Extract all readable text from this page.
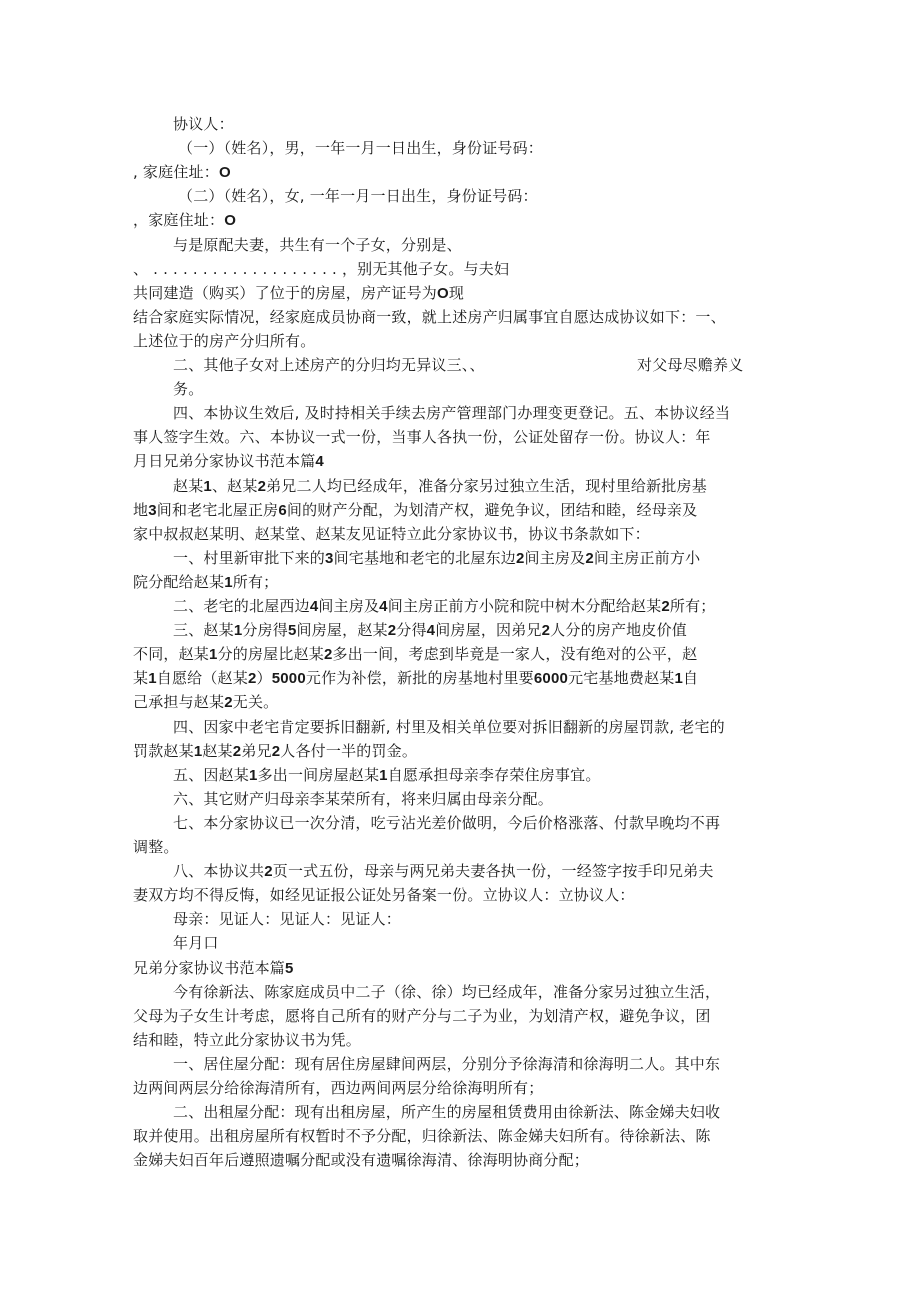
协议人：
（一）（姓名），男，一年一月一日出生，身份证号码：
, 家庭住址：O
（二）（姓名），女, 一年一月一日出生，身份证号码：
，家庭住址：O
与是原配夫妻，共生有一个子女，分别是、
、 . . . . . . . . . . . . . . . . . . . ，别无其他子女。与夫妇
共同建造（购买）了位于的房屋，房产证号为O现
结合家庭实际情况，经家庭成员协商一致，就上述房产归属事宜自愿达成协议如下：一、
上述位于的房产分归所有。
二、其他子女对上述房产的分归均无异议三、、	对父母尽赡养义
务。
四、本协议生效后, 及时持相关手续去房产管理部门办理变更登记。五、本协议经当
事人签字生效。六、本协议一式一份，当事人各执一份，公证处留存一份。协议人：年
月日兄弟分家协议书范本篇4
赵某1、赵某2弟兄二人均已经成年，准备分家另过独立生活，现村里给新批房基
地3间和老宅北屋正房6间的财产分配，为划清产权，避免争议，团结和睦，经母亲及
家中叔叔赵某明、赵某堂、赵某友见证特立此分家协议书，协议书条款如下：
一、村里新审批下来的3间宅基地和老宅的北屋东边2间主房及2间主房正前方小
院分配给赵某1所有；
二、老宅的北屋西边4间主房及4间主房正前方小院和院中树木分配给赵某2所有；
三、赵某1分房得5间房屋，赵某2分得4间房屋，因弟兄2人分的房产地皮价值
不同，赵某1分的房屋比赵某2多出一间，考虑到毕竟是一家人，没有绝对的公平，赵
某1自愿给（赵某2）5000元作为补偿，新批的房基地村里要6000元宅基地费赵某1自
己承担与赵某2无关。
四、因家中老宅肯定要拆旧翻新, 村里及相关单位要对拆旧翻新的房屋罚款, 老宅的
罚款赵某1赵某2弟兄2人各付一半的罚金。
五、因赵某1多出一间房屋赵某1自愿承担母亲李存荣住房事宜。
六、其它财产归母亲李某荣所有，将来归属由母亲分配。
七、本分家协议已一次分清，吃亏沾光差价做明，今后价格涨落、付款早晚均不再
调整。
八、本协议共2页一式五份，母亲与两兄弟夫妻各执一份，一经签字按手印兄弟夫
妻双方均不得反悔，如经见证报公证处另备案一份。立协议人：立协议人：
母亲：见证人：见证人：见证人：
年月口
兄弟分家协议书范本篇5
今有徐新法、陈家庭成员中二子（徐、徐）均已经成年，准备分家另过独立生活，
父母为子女生计考虑，愿将自己所有的财产分与二子为业，为划清产权，避免争议，团
结和睦，特立此分家协议书为凭。
一、居住屋分配：现有居住房屋肆间两层，分别分予徐海清和徐海明二人。其中东
边两间两层分给徐海清所有，西边两间两层分给徐海明所有；
二、出租屋分配：现有出租房屋，所产生的房屋租赁费用由徐新法、陈金娣夫妇收
取并使用。出租房屋所有权暂时不予分配，归徐新法、陈金娣夫妇所有。待徐新法、陈
金娣夫妇百年后遵照遗嘱分配或没有遗嘱徐海清、徐海明协商分配；
